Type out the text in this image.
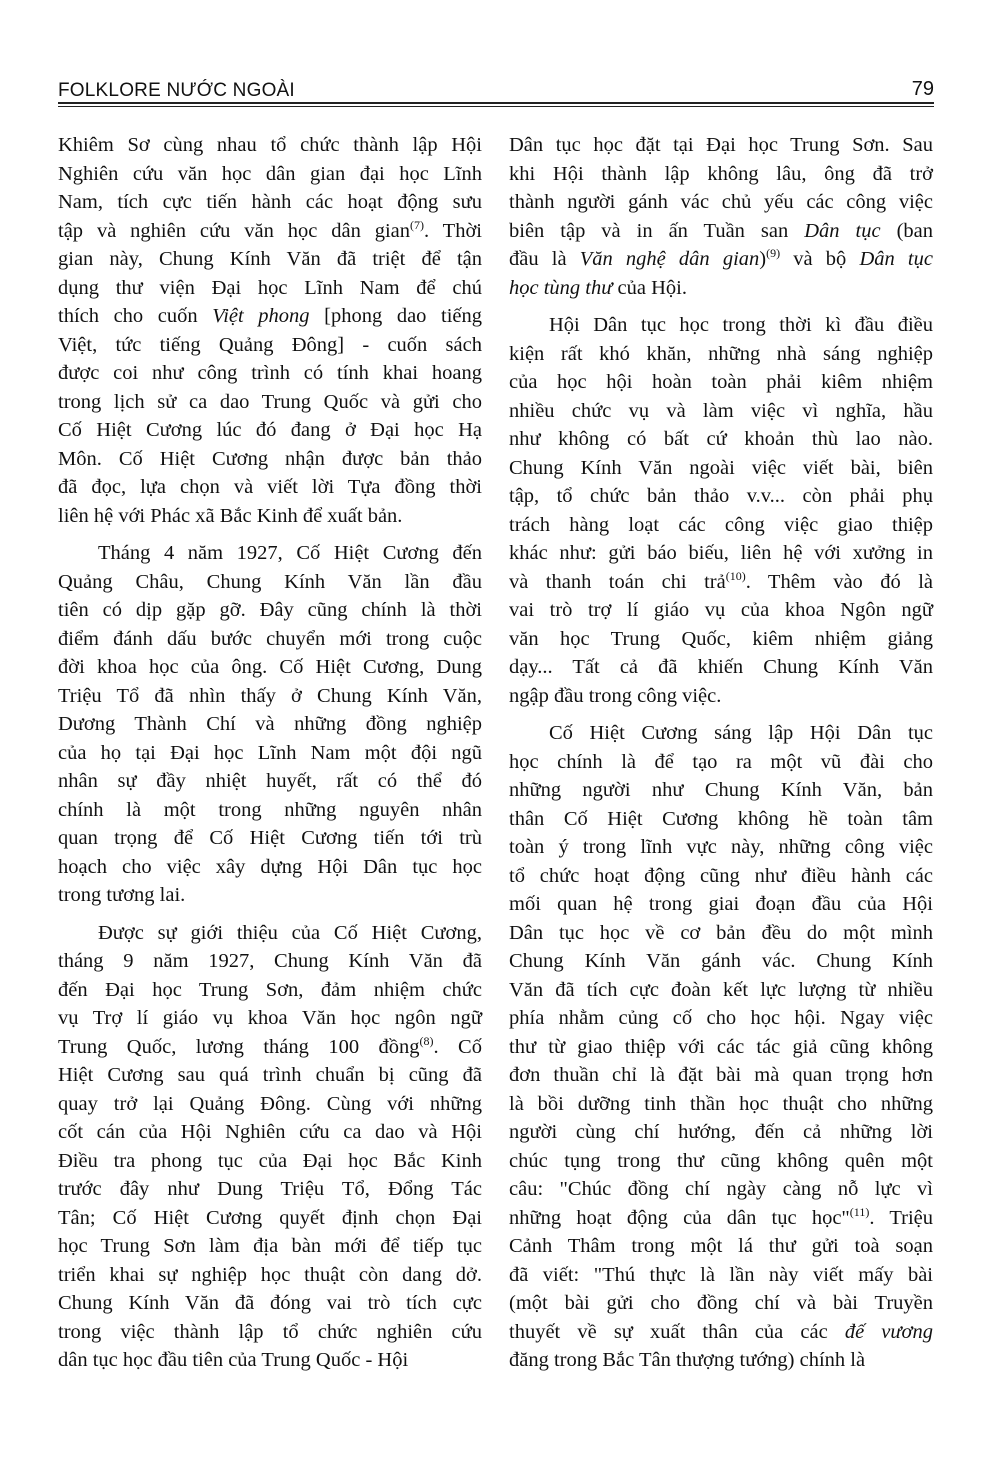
FOLKLORE NƯỚC NGOÀI	79
Khiêm Sơ cùng nhau tổ chức thành lập Hội
Nghiên cứu văn học dân gian đại học Lĩnh
Nam, tích cực tiến hành các hoạt động sưu
tập và nghiên cứu văn học dân gian$^{(7)}$. Thời
gian này, Chung Kính Văn đã triệt để tận
dụng thư viện Đại học Lĩnh Nam để chú
thích cho cuốn Việt phong [phong dao tiếng
Việt, tức tiếng Quảng Đông] - cuốn sách
được coi như công trình có tính khai hoang
trong lịch sử ca dao Trung Quốc và gửi cho
Cố Hiệt Cương lúc đó đang ở Đại học Hạ
Môn. Cố Hiệt Cương nhận được bản thảo
đã đọc, lựa chọn và viết lời Tựa đồng thời
liên hệ với Phác xã Bắc Kinh để xuất bản.
Tháng 4 năm 1927, Cố Hiệt Cương đến
Quảng Châu, Chung Kính Văn lần đầu
tiên có dịp gặp gỡ. Đây cũng chính là thời
điểm đánh dấu bước chuyển mới trong cuộc
đời khoa học của ông. Cố Hiệt Cương, Dung
Triệu Tổ đã nhìn thấy ở Chung Kính Văn,
Dương Thành Chí và những đồng nghiệp
của họ tại Đại học Lĩnh Nam một đội ngũ
nhân sự đầy nhiệt huyết, rất có thể đó
chính là một trong những nguyên nhân
quan trọng để Cố Hiệt Cương tiến tới trù
hoạch cho việc xây dựng Hội Dân tục học
trong tương lai.
Được sự giới thiệu của Cố Hiệt Cương,
tháng 9 năm 1927, Chung Kính Văn đã
đến Đại học Trung Sơn, đảm nhiệm chức
vụ Trợ lí giáo vụ khoa Văn học ngôn ngữ
Trung Quốc, lương tháng 100 đồng$^{(8)}$. Cố
Hiệt Cương sau quá trình chuẩn bị cũng đã
quay trở lại Quảng Đông. Cùng với những
cốt cán của Hội Nghiên cứu ca dao và Hội
Điều tra phong tục của Đại học Bắc Kinh
trước đây như Dung Triệu Tổ, Đổng Tác
Tân; Cố Hiệt Cương quyết định chọn Đại
học Trung Sơn làm địa bàn mới để tiếp tục
triển khai sự nghiệp học thuật còn dang dở.
Chung Kính Văn đã đóng vai trò tích cực
trong việc thành lập tổ chức nghiên cứu
dân tục học đầu tiên của Trung Quốc - Hội
Dân tục học đặt tại Đại học Trung Sơn. Sau
khi Hội thành lập không lâu, ông đã trở
thành người gánh vác chủ yếu các công việc
biên tập và in ấn Tuần san Dân tục (ban
đầu là Văn nghệ dân gian)$^{(9)}$ và bộ Dân tục
học tùng thư của Hội.
Hội Dân tục học trong thời kì đầu điều
kiện rất khó khăn, những nhà sáng nghiệp
của học hội hoàn toàn phải kiêm nhiệm
nhiều chức vụ và làm việc vì nghĩa, hầu
như không có bất cứ khoản thù lao nào.
Chung Kính Văn ngoài việc viết bài, biên
tập, tổ chức bản thảo v.v... còn phải phụ
trách hàng loạt các công việc giao thiệp
khác như: gửi báo biếu, liên hệ với xưởng in
và thanh toán chi trả$^{(10)}$. Thêm vào đó là
vai trò trợ lí giáo vụ của khoa Ngôn ngữ
văn học Trung Quốc, kiêm nhiệm giảng
dạy... Tất cả đã khiến Chung Kính Văn
ngập đầu trong công việc.
Cố Hiệt Cương sáng lập Hội Dân tục
học chính là để tạo ra một vũ đài cho
những người như Chung Kính Văn, bản
thân Cố Hiệt Cương không hề toàn tâm
toàn ý trong lĩnh vực này, những công việc
tổ chức hoạt động cũng như điều hành các
mối quan hệ trong giai đoạn đầu của Hội
Dân tục học về cơ bản đều do một mình
Chung Kính Văn gánh vác. Chung Kính
Văn đã tích cực đoàn kết lực lượng từ nhiều
phía nhằm củng cố cho học hội. Ngay việc
thư từ giao thiệp với các tác giả cũng không
đơn thuần chỉ là đặt bài mà quan trọng hơn
là bồi dưỡng tinh thần học thuật cho những
người cùng chí hướng, đến cả những lời
chúc tụng trong thư cũng không quên một
câu: "Chúc đồng chí ngày càng nỗ lực vì
những hoạt động của dân tục học"$^{(11)}$. Triệu
Cảnh Thâm trong một lá thư gửi toà soạn
đã viết: "Thú thực là lần này viết mấy bài
(một bài gửi cho đồng chí và bài Truyền
thuyết về sự xuất thân của các đế vương
đăng trong Bắc Tân thượng tướng) chính là
